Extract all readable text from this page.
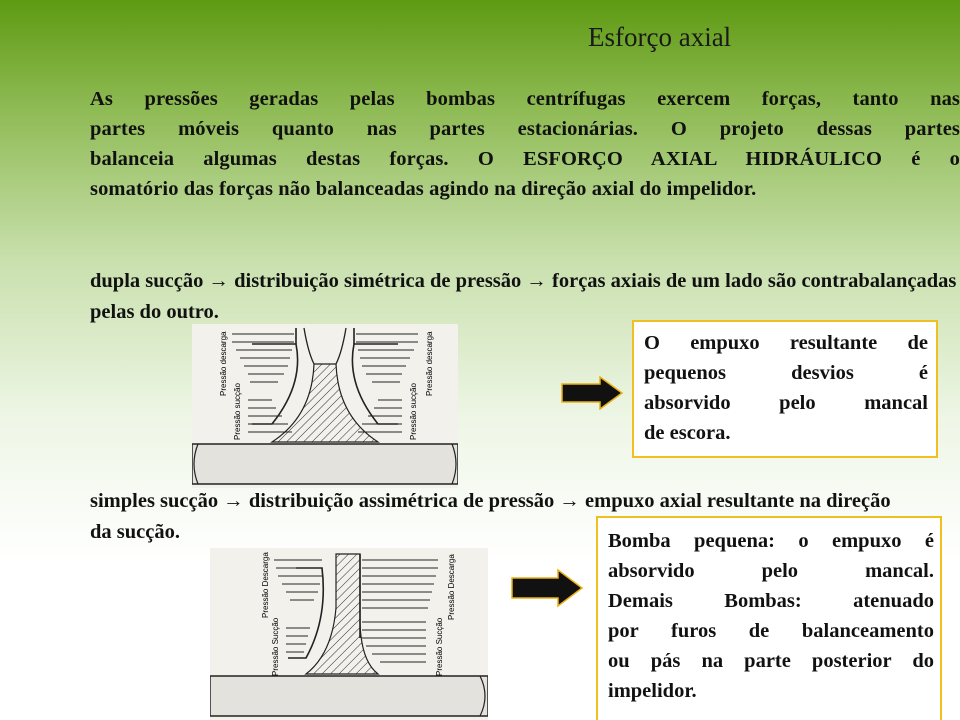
Esforço axial
As pressões geradas pelas bombas centrífugas exercem forças, tanto nas
partes móveis quanto nas partes estacionárias. O projeto dessas partes
balanceia algumas destas forças. O ESFORÇO AXIAL HIDRÁULICO é o
somatório das forças não balanceadas agindo na direção axial do impelidor.
dupla sucção → distribuição simétrica de pressão → forças axiais de um lado são contrabalançadas pelas do outro.
Pressão descarga	Pressão descarga
Pressão sucção	Pressão sucção
O empuxo resultante de
pequenos desvios é
absorvido pelo mancal
de escora.
simples sucção → distribuição assimétrica de pressão → empuxo axial resultante na direção da sucção.
Pressão Descarga	Pressão Descarga
Pressão Sucção	Pressão Sucção
Bomba pequena: o empuxo é
absorvido pelo mancal.
Demais Bombas: atenuado
por furos de balanceamento
ou pás na parte posterior do
impelidor.
